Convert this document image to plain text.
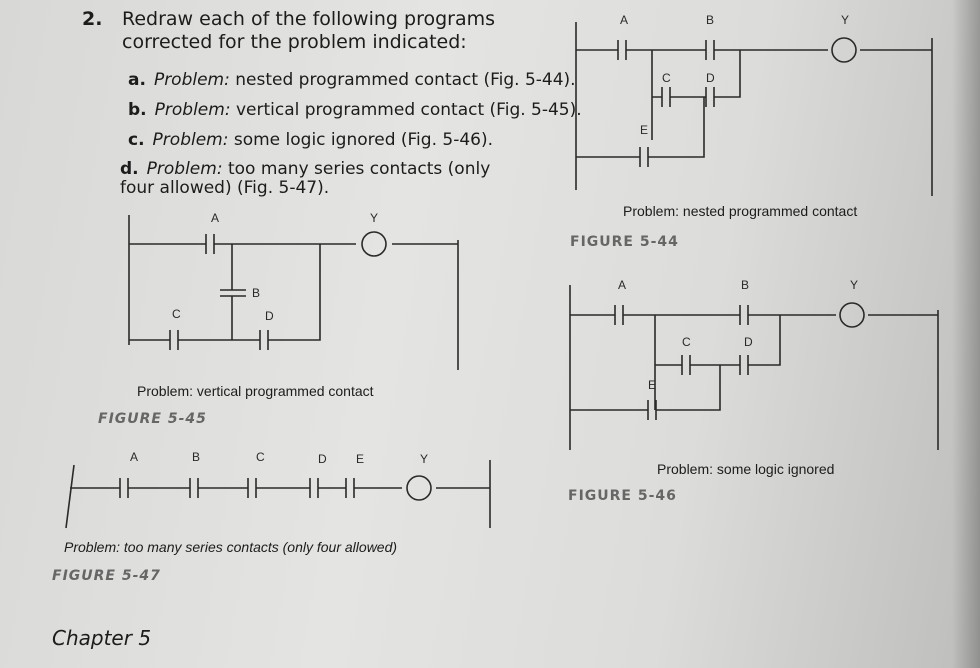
2. Redraw each of the following programs corrected for the problem indicated:
a. Problem: nested programmed contact (Fig. 5-44).
b. Problem: vertical programmed contact (Fig. 5-45).
c. Problem: some logic ignored (Fig. 5-46).
d. Problem: too many series contacts (only four allowed) (Fig. 5-47).
A	B	Y
C	D
E
A	Y
B
C	D
A	B	Y
C	D
E
A	B	C	D E	Y
Problem: nested programmed contact
FIGURE 5-44
Problem: vertical programmed contact
FIGURE 5-45
Problem: some logic ignored
FIGURE 5-46
Problem: too many series contacts (only four allowed)
FIGURE 5-47
Chapter 5
